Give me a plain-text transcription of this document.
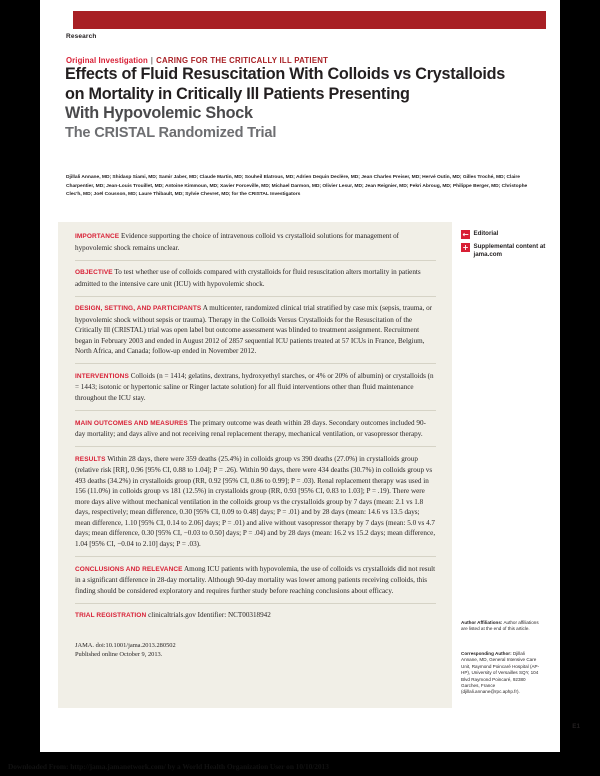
Research
Original Investigation | CARING FOR THE CRITICALLY ILL PATIENT
Effects of Fluid Resuscitation With Colloids vs Crystalloids
on Mortality in Critically Ill Patients Presenting
With Hypovolemic Shock
The CRISTAL Randomized Trial
Djillali Annane, MD; Shidasp Siami, MD; Samir Jaber, MD; Claude Martin, MD; Souheil Elatrous, MD; Adrien Dequin Declère, MD; Jean Charles Preiser, MD; Hervé Outin, MD; Gilles Troché, MD; Claire Charpentier, MD; Jean-Louis Trouillet, MD; Antoine Kimmoun, MD; Xavier Forceville, MD; Michael Darmon, MD; Olivier Lesur, MD; Jean Reignier, MD; Fekri Abroug, MD; Philippe Berger, MD; Christophe Clec'h, MD; Joël Cousson, MD; Laure Thibault, MD; Sylvie Chevret, MD; for the CRISTAL Investigators
IMPORTANCE Evidence supporting the choice of intravenous colloid vs crystalloid solutions for management of hypovolemic shock remains unclear.
OBJECTIVE To test whether use of colloids compared with crystalloids for fluid resuscitation alters mortality in patients admitted to the intensive care unit (ICU) with hypovolemic shock.
DESIGN, SETTING, AND PARTICIPANTS A multicenter, randomized clinical trial stratified by case mix (sepsis, trauma, or hypovolemic shock without sepsis or trauma). Therapy in the Colloids Versus Crystalloids for the Resuscitation of the Critically Ill (CRISTAL) trial was open label but outcome assessment was blinded to treatment assignment. Recruitment began in February 2003 and ended in August 2012 of 2857 sequential ICU patients treated at 57 ICUs in France, Belgium, North Africa, and Canada; follow-up ended in November 2012.
INTERVENTIONS Colloids (n = 1414; gelatins, dextrans, hydroxyethyl starches, or 4% or 20% of albumin) or crystalloids (n = 1443; isotonic or hypertonic saline or Ringer lactate solution) for all fluid interventions other than fluid maintenance throughout the ICU stay.
MAIN OUTCOMES AND MEASURES The primary outcome was death within 28 days. Secondary outcomes included 90-day mortality; and days alive and not receiving renal replacement therapy, mechanical ventilation, or vasopressor therapy.
RESULTS Within 28 days, there were 359 deaths (25.4%) in colloids group vs 390 deaths (27.0%) in crystalloids group (relative risk [RR], 0.96 [95% CI, 0.88 to 1.04]; P = .26). Within 90 days, there were 434 deaths (30.7%) in colloids group vs 493 deaths (34.2%) in crystalloids group (RR, 0.92 [95% CI, 0.86 to 0.99]; P = .03). Renal replacement therapy was used in 156 (11.0%) in colloids group vs 181 (12.5%) in crystalloids group (RR, 0.93 [95% CI, 0.83 to 1.03]; P = .19). There were more days alive without mechanical ventilation in the colloids group vs the crystalloids group by 7 days (mean: 2.1 vs 1.8 days, respectively; mean difference, 0.30 [95% CI, 0.09 to 0.48] days; P = .01) and by 28 days (mean: 14.6 vs 13.5 days; mean difference, 1.10 [95% CI, 0.14 to 2.06] days; P = .01) and alive without vasopressor therapy by 7 days (mean: 5.0 vs 4.7 days; mean difference, 0.30 [95% CI, −0.03 to 0.50] days; P = .04) and by 28 days (mean: 16.2 vs 15.2 days; mean difference, 1.04 [95% CI, −0.04 to 2.10] days; P = .03).
CONCLUSIONS AND RELEVANCE Among ICU patients with hypovolemia, the use of colloids vs crystalloids did not result in a significant difference in 28-day mortality. Although 90-day mortality was lower among patients receiving colloids, this finding should be considered exploratory and requires further study before reaching conclusions about efficacy.
TRIAL REGISTRATION clinicaltrials.gov Identifier: NCT00318942
JAMA. doi:10.1001/jama.2013.280502
Published online October 9, 2013.
← Editorial
+ Supplemental content at jama.com
Author Affiliations: Author affiliations are listed at the end of this article.
Corresponding Author: Djillali Annane, MD, General Intensive Care Unit, Raymond Poincaré Hospital (AP-HP), University of Versailles SQY, 104 Blvd Raymond Poincaré, 92380 Garches, France (djillali.annane@rpc.aphp.fr).
E1
Downloaded From: http://jama.jamanetwork.com/ by a World Health Organization User on 10/10/2013
